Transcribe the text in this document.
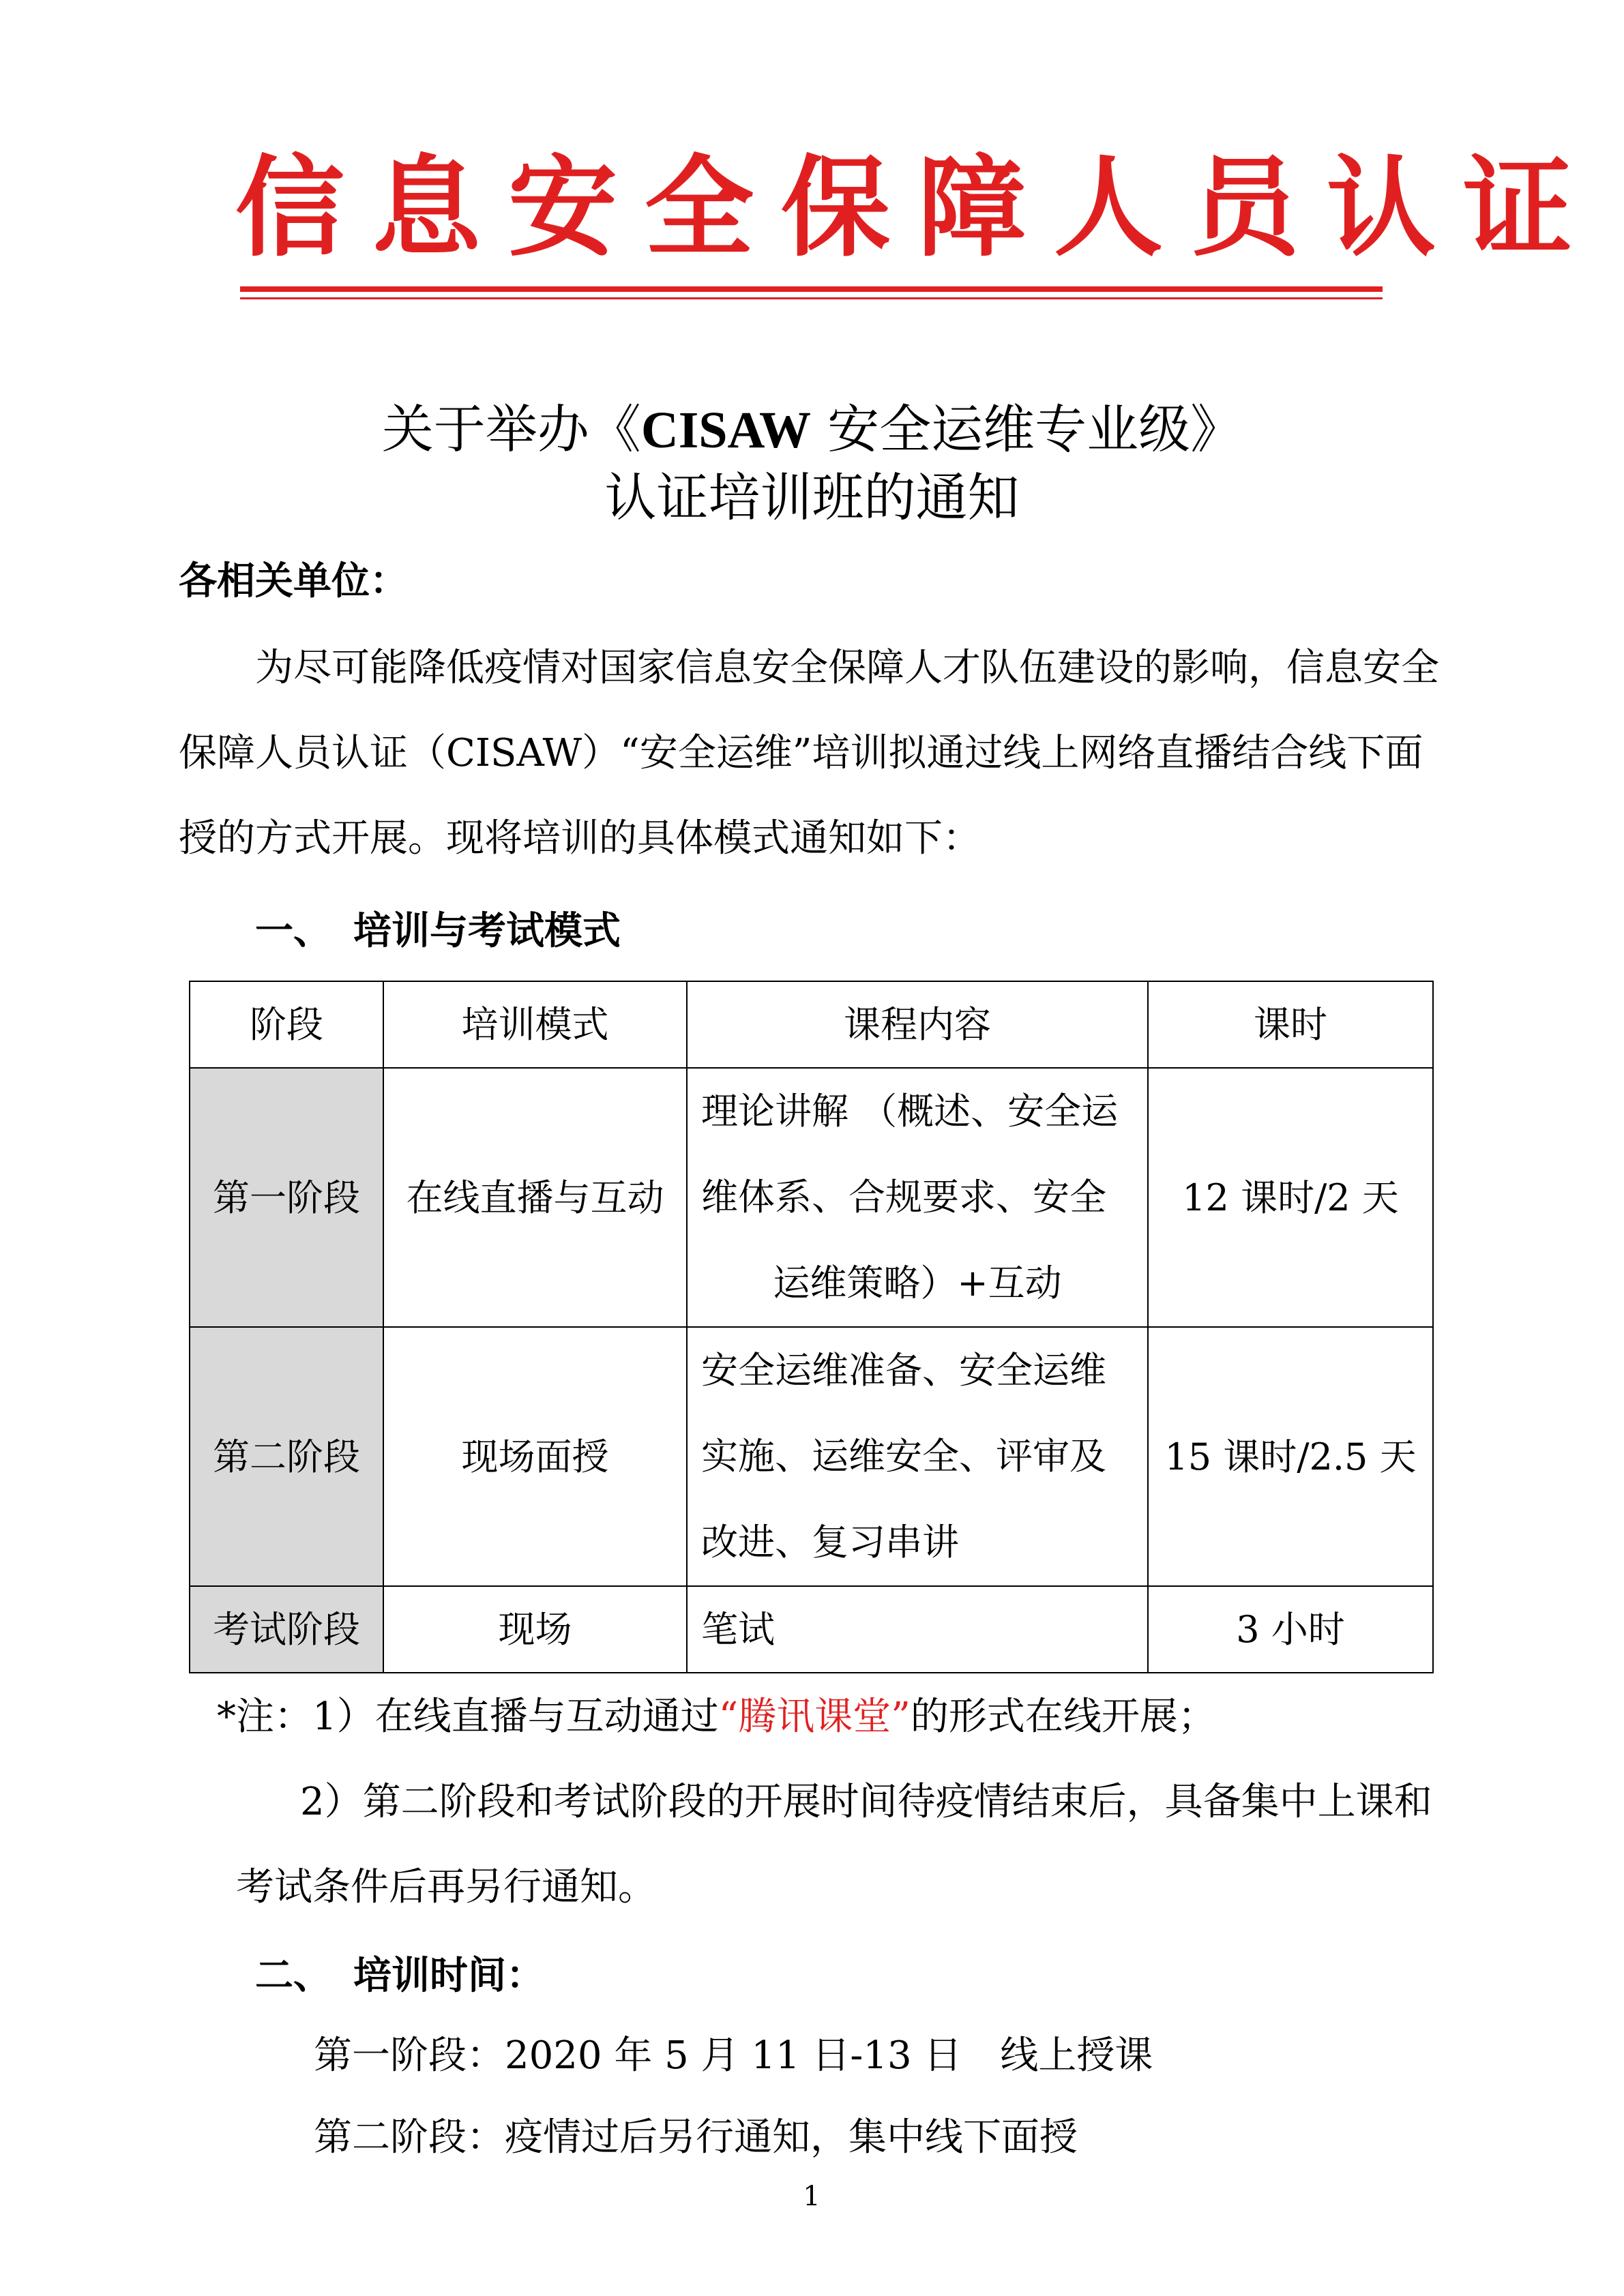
信息安全保障人员认证
关于举办《CISAW 安全运维专业级》
认证培训班的通知
各相关单位：
为尽可能降低疫情对国家信息安全保障人才队伍建设的影响，信息安全
保障人员认证（CISAW）“安全运维”培训拟通过线上网络直播结合线下面
授的方式开展。现将培训的具体模式通知如下：
一、 培训与考试模式
阶段	培训模式	课程内容	课时
第一阶段	在线直播与互动	理论讲解 （概述、安全运
维体系、合规要求、安全
运维策略）+互动	12 课时/2 天
第二阶段	现场面授	安全运维准备、安全运维
实施、运维安全、评审及
改进、复习串讲	15 课时/2.5 天
考试阶段	现场	笔试	3 小时
*注：1）在线直播与互动通过“腾讯课堂”的形式在线开展；
2）第二阶段和考试阶段的开展时间待疫情结束后，具备集中上课和
考试条件后再另行通知。
二、 培训时间：
第一阶段：2020 年 5 月 11 日-13 日　线上授课
第二阶段：疫情过后另行通知，集中线下面授
1
